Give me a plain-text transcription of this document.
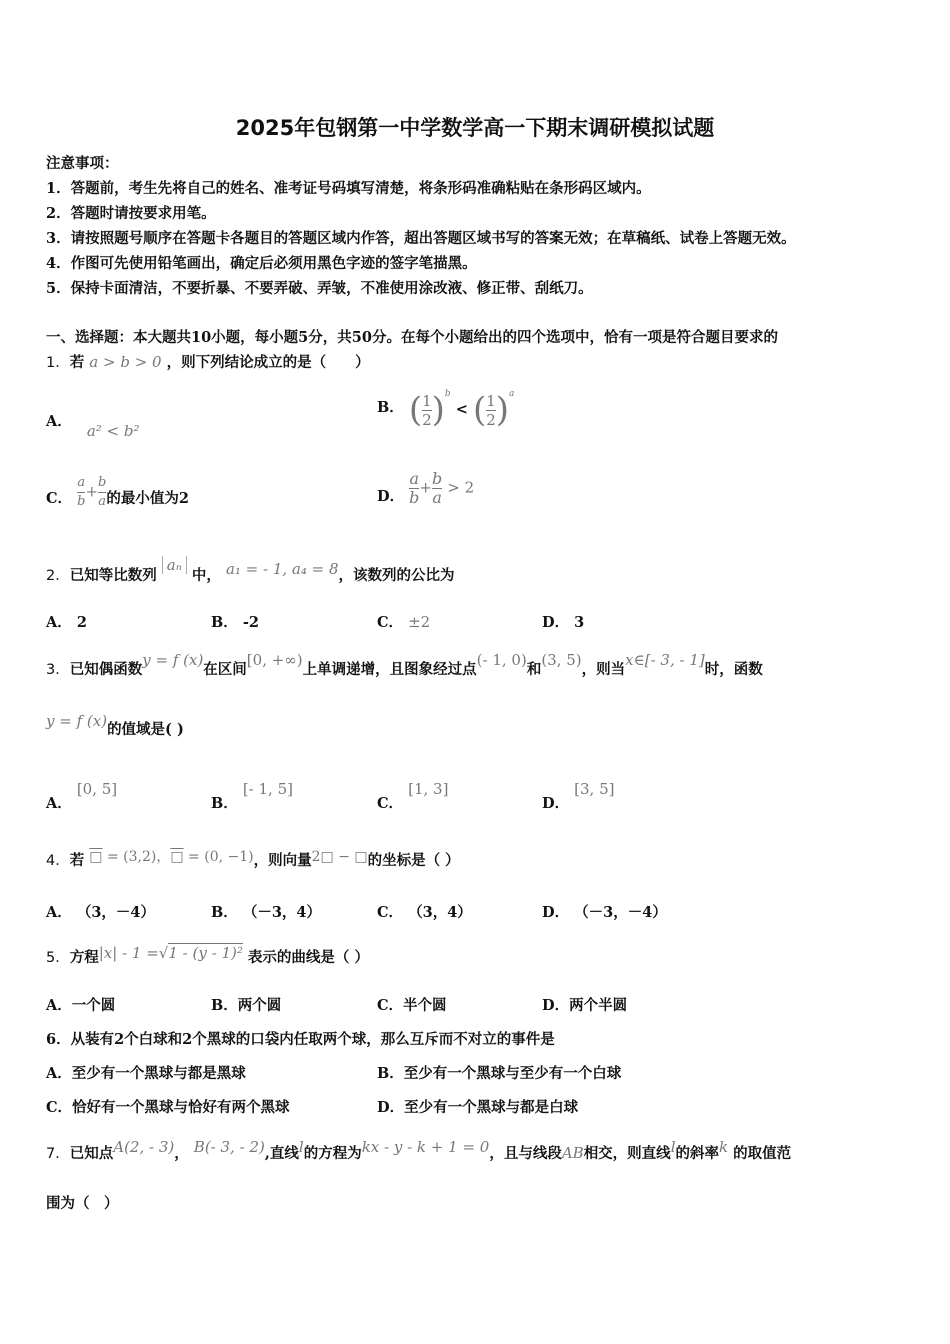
2025年包钢第一中学数学高一下期末调研模拟试题
注意事项：
1．答题前，考生先将自己的姓名、准考证号码填写清楚，将条形码准确粘贴在条形码区域内。
2．答题时请按要求用笔。
3．请按照题号顺序在答题卡各题目的答题区域内作答，超出答题区域书写的答案无效；在草稿纸、试卷上答题无效。
4．作图可先使用铅笔画出，确定后必须用黑色字迹的签字笔描黑。
5．保持卡面清洁，不要折暴、不要弄破、弄皱，不准使用涂改液、修正带、刮纸刀。
一、选择题：本大题共10小题，每小题5分，共50分。在每个小题给出的四个选项中，恰有一项是符合题目要求的
1．若 a > b > 0 ，则下列结论成立的是（　　）
A． a² < b²
B． ( $\frac{1}{2} )^b$ < ( $\frac{1}{2} )^a$
C． $\frac{a}{b} + \frac{b}{a}$ 的最小值为2	D． $\frac{a}{b} + \frac{b}{a} > 2$
2．已知等比数列 aₙ 中， a₁ = - 1, a₄ = 8，该数列的公比为
A． 2	B． -2	C． ±2	D． 3
3．已知偶函数y = f (x)在区间[0, +∞)上单调递增，且图象经过点(- 1, 0)和(3, 5)，则当x∈[- 3, - 1]时，函数
y = f (x)的值域是( )
A． [0, 5]
B． [- 1, 5]
C． [1, 3]
D． [3, 5]
4．若 □ = (3,2)，□ = (0, −1)，则向量2□ − □的坐标是（ ）
A． （3，－4）	B． （－3，4）	C． （3，4）	D． （－3，－4）
5．方程|x| - 1 =√1 - (y - 1)² 表示的曲线是（ ）
A．一个圆	B．两个圆	C．半个圆	D．两个半圆
6．从装有2个白球和2个黑球的口袋内任取两个球，那么互斥而不对立的事件是
A．至少有一个黑球与都是黑球	B．至少有一个黑球与至少有一个白球
C．恰好有一个黑球与恰好有两个黑球	D．至少有一个黑球与都是白球
7．已知点A(2, - 3)， B(- 3, - 2),直线l的方程为kx - y - k + 1 = 0，且与线段AB相交，则直线l的斜率k 的取值范
围为（　）
